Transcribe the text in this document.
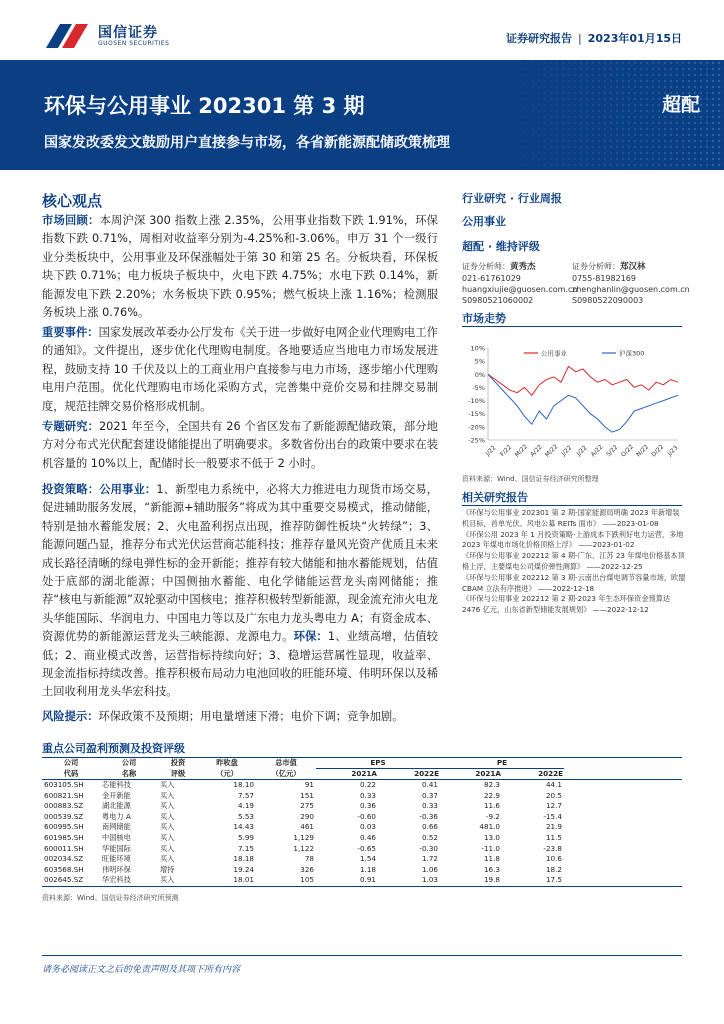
国信证券
GUOSEN SECURITIES	证券研究报告 | 2023年01月15日
环保与公用事业 202301 第 3 期
国家发改委发文鼓励用户直接参与市场，各省新能源配储政策梳理
超配
核心观点
市场回顾：本周沪深 300 指数上涨 2.35%，公用事业指数下跌 1.91%，环保指数下跌 0.71%，周相对收益率分别为-4.25%和-3.06%。申万 31 个一级行业分类板块中，公用事业及环保涨幅处于第 30 和第 25 名。分板块看，环保板块下跌 0.71%；电力板块子板块中，火电下跌 4.75%；水电下跌 0.14%，新能源发电下跌 2.20%；水务板块下跌 0.95%；燃气板块上涨 1.16%；检测服务板块上涨 0.76%。
重要事件：国家发展改革委办公厅发布《关于进一步做好电网企业代理购电工作的通知》。文件提出，逐步优化代理购电制度。各地要适应当地电力市场发展进程，鼓励支持 10 千伏及以上的工商业用户直接参与电力市场，逐步缩小代理购电用户范围。优化代理购电市场化采购方式，完善集中竞价交易和挂牌交易制度，规范挂牌交易价格形成机制。
专题研究：2021 年至今，全国共有 26 个省区发布了新能源配储政策，部分地方对分布式光伏配套建设储能提出了明确要求。多数省份出台的政策中要求在装机容量的 10%以上，配储时长一般要求不低于 2 小时。
投资策略：公用事业：1、新型电力系统中，必将大力推进电力现货市场交易，促进辅助服务发展，“新能源+辅助服务”将成为其中重要交易模式，推动储能，特别是抽水蓄能发展；2、火电盈利拐点出现，推荐防御性板块“火转绿”；3、能源问题凸显，推荐分布式光伏运营商芯能科技；推荐存量风光资产优质且未来成长路径清晰的绿电弹性标的金开新能；推荐有较大储能和抽水蓄能规划，估值处于底部的湖北能源；中国侧抽水蓄能、电化学储能运营龙头南网储能；推荐“核电与新能源”双轮驱动中国核电；推荐积极转型新能源，现金流充沛火电龙头华能国际、华润电力、中国电力等以及广东电力龙头粤电力 A；有资金成本、资源优势的新能源运营龙头三峡能源、龙源电力。环保：1、业绩高增，估值较低；2、商业模式改善，运营指标持续向好；3、稳增运营属性显现，收益率、现金流指标持续改善。推荐积极布局动力电池回收的旺能环境、伟明环保以及稀土回收利用龙头华宏科技。
风险提示：环保政策不及预期；用电量增速下滑；电价下调；竞争加剧。
行业研究 · 行业周报
公用事业
超配 · 维持评级
证券分析师：黄秀杰
021-61761029
huangxiujie@guosen.com.cn
S0980521060002
证券分析师：郑汉林
0755-81982169
zhenghanlin@guosen.com.cn
S0980522090003
市场走势
10%
5%
0%
-5%
-10%
-15%
-20%
-25%
J/22 F/22 M/22 A/22 M/22 J/22 J/22 A/22 S/22 O/22 N/22 D/22 J/23
公用事业	沪深300
资料来源：Wind、国信证券经济研究所整理
相关研究报告
《环保与公用事业 202301 第 2 期-国家能源局明确 2023 年新增装机目标，首单光伏、风电公募 REITs 面市》 ——2023-01-08
《环保公用 2023 年 1 月投资策略-上游成本下跌利好电力运营，多地 2023 年煤电市场化价格顶格上浮》 ——2023-01-02
《环保与公用事业 202212 第 4 期-广东、江苏 23 年煤电价格基本顶格上浮，主要煤电公司煤价弹性测算》 ——2022-12-25
《环保与公用事业 202212 第 3 期-云南出台煤电调节容量市场，欧盟 CBAM 立法有序推进》 ——2022-12-18
《环保与公用事业 202212 第 2 期-2023 年生态环保资金预算达 2476 亿元，山东省新型储能发展规划》 ——2022-12-12
重点公司盈利预测及投资评级
公司	公司	投资	昨收盘	总市值	EPS		PE		
代码	名称	评级	（元）	（亿元）	2021A	2022E	2021A	2022E	
603105.SH	芯能科技	买入	18.10	91	0.22	0.41	82.3	44.1	
600821.SH	金开新能	买入	7.57	151	0.33	0.37	22.9	20.5	
000883.SZ	湖北能源	买入	4.19	275	0.36	0.33	11.6	12.7	
000539.SZ	粤电力 A	买入	5.53	290	-0.60	-0.36	-9.2	-15.4	
600995.SH	南网储能	买入	14.43	461	0.03	0.66	481.0	21.9	
601985.SH	中国核电	买入	5.99	1,129	0.46	0.52	13.0	11.5	
600011.SH	华能国际	买入	7.15	1,122	-0.65	-0.30	-11.0	-23.8	
002034.SZ	旺能环境	买入	18.18	78	1.54	1.72	11.8	10.6	
603568.SH	伟明环保	增持	19.24	326	1.18	1.06	16.3	18.2	
002645.SZ	华宏科技	买入	18.01	105	0.91	1.03	19.8	17.5	
资料来源：Wind、国信证券经济研究所预测
请务必阅读正文之后的免责声明及其项下所有内容
